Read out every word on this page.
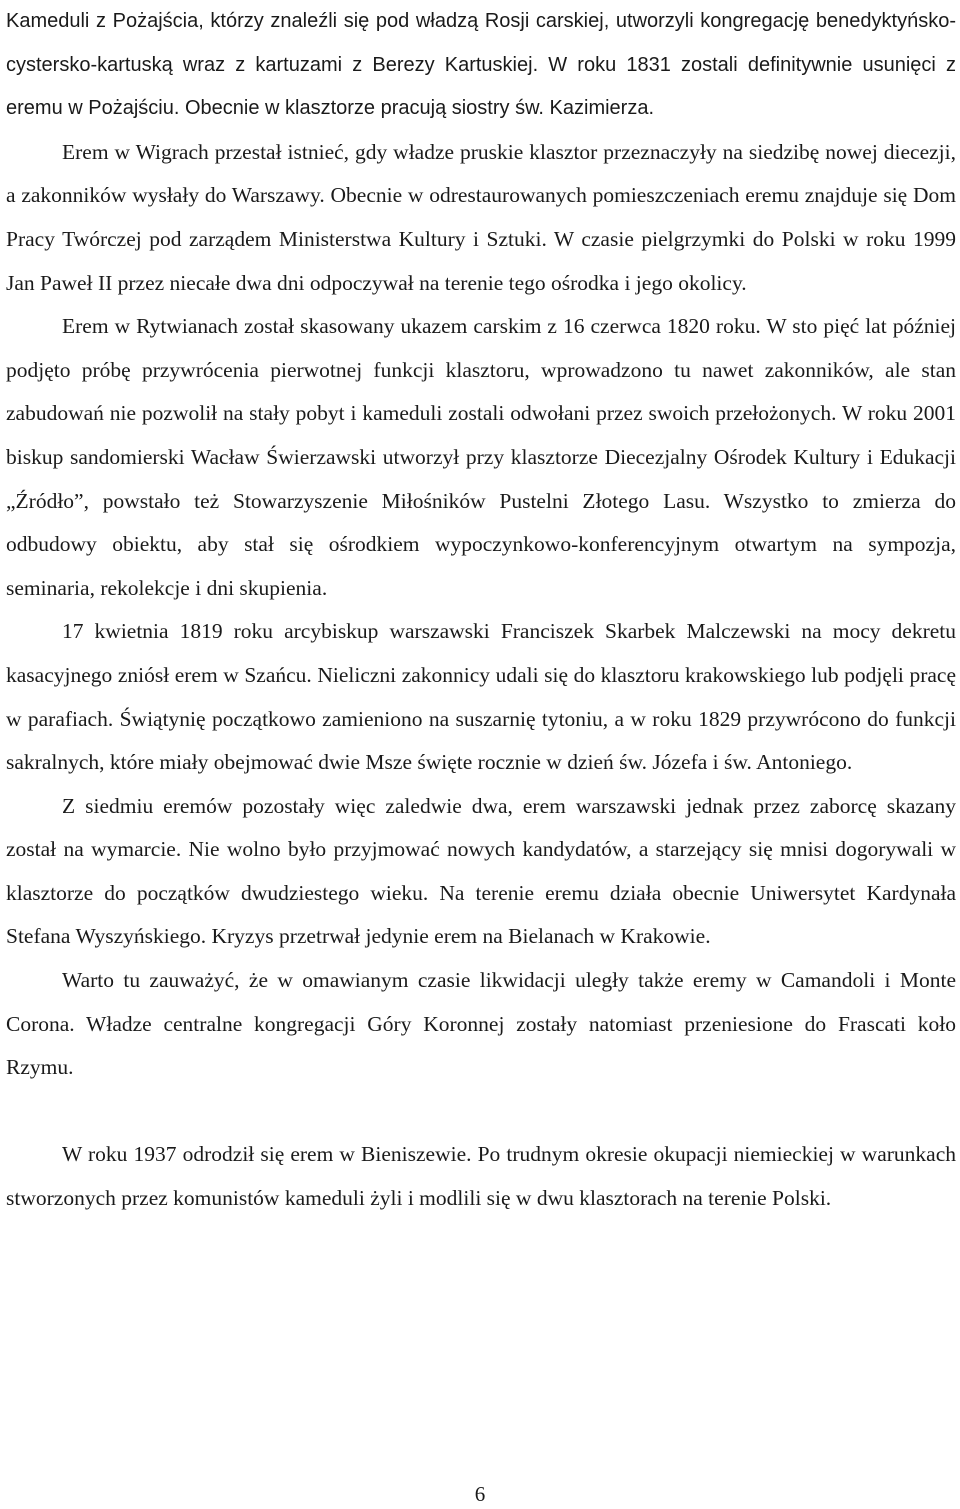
Kameduli z Pożajścia, którzy znaleźli się pod władzą Rosji carskiej, utworzyli kongregację benedyktyńsko-cystersko-kartuską wraz z kartuzami z Berezy Kartuskiej. W roku 1831 zostali definitywnie usunięci z eremu w Pożajściu. Obecnie w klasztorze pracują siostry św. Kazimierza.

Erem w Wigrach przestał istnieć, gdy władze pruskie klasztor przeznaczyły na siedzibę nowej diecezji, a zakonników wysłały do Warszawy. Obecnie w odrestaurowanych pomieszczeniach eremu znajduje się Dom Pracy Twórczej pod zarządem Ministerstwa Kultury i Sztuki. W czasie pielgrzymki do Polski w roku 1999 Jan Paweł II przez niecałe dwa dni odpoczywał na terenie tego ośrodka i jego okolicy.

Erem w Rytwianach został skasowany ukazem carskim z 16 czerwca 1820 roku. W sto pięć lat później podjęto próbę przywrócenia pierwotnej funkcji klasztoru, wprowadzono tu nawet zakonników, ale stan zabudowań nie pozwolił na stały pobyt i kameduli zostali odwołani przez swoich przełożonych. W roku 2001 biskup sandomierski Wacław Świerzawski utworzył przy klasztorze Diecezjalny Ośrodek Kultury i Edukacji „Źródło”, powstało też Stowarzyszenie Miłośników Pustelni Złotego Lasu. Wszystko to zmierza do odbudowy obiektu, aby stał się ośrodkiem wypoczynkowo-konferencyjnym otwartym na sympozja, seminaria, rekolekcje i dni skupienia.

17 kwietnia 1819 roku arcybiskup warszawski Franciszek Skarbek Malczewski na mocy dekretu kasacyjnego zniósł erem w Szańcu. Nieliczni zakonnicy udali się do klasztoru krakowskiego lub podjęli pracę w parafiach. Świątynię początkowo zamieniono na suszarnię tytoniu, a w roku 1829 przywrócono do funkcji sakralnych, które miały obejmować dwie Msze święte rocznie w dzień św. Józefa i św. Antoniego.

Z siedmiu eremów pozostały więc zaledwie dwa, erem warszawski jednak przez zaborcę skazany został na wymarcie. Nie wolno było przyjmować nowych kandydatów, a starzejący się mnisi dogorywali w klasztorze do początków dwudziestego wieku. Na terenie eremu działa obecnie Uniwersytet Kardynała Stefana Wyszyńskiego. Kryzys przetrwał jedynie erem na Bielanach w Krakowie.

Warto tu zauważyć, że w omawianym czasie likwidacji uległy także eremy w Camandoli i Monte Corona. Władze centralne kongregacji Góry Koronnej zostały natomiast przeniesione do Frascati koło Rzymu.

W roku 1937 odrodził się erem w Bieniszewie. Po trudnym okresie okupacji niemieckiej w warunkach stworzonych przez komunistów kameduli żyli i modlili się w dwu klasztorach na terenie Polski.

6
